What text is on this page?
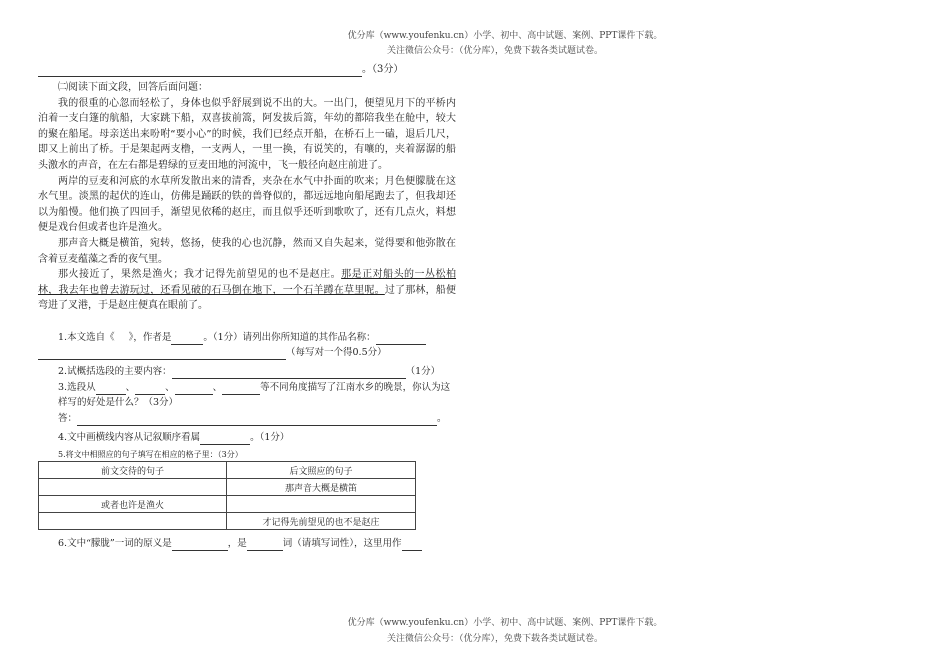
优分库（www.youfenku.cn）小学、初中、高中试题、案例、PPT课件下载。
关注微信公众号：（优分库），免费下载各类试题试卷。
。（3分）

㈡阅读下面文段，回答后面问题：

我的很重的心忽而轻松了，身体也似乎舒展到说不出的大。一出门，便望见月下的平桥内泊着一支白篷的航船，大家跳下船，双喜拔前篙，阿发拔后篙，年幼的都陪我坐在舱中，较大的聚在船尾。母亲送出来吩咐“要小心”的时候，我们已经点开船，在桥石上一磕，退后几尺，即又上前出了桥。于是架起两支橹，一支两人，一里一换，有说笑的，有嚷的，夹着潺潺的船头激水的声音，在左右都是碧绿的豆麦田地的河流中，飞一般径向赵庄前进了。

两岸的豆麦和河底的水草所发散出来的清香，夹杂在水气中扑面的吹来；月色便朦胧在这水气里。淡黑的起伏的连山，仿佛是踊跃的铁的兽脊似的，都远远地向船尾跑去了，但我却还以为船慢。他们换了四回手，渐望见依稀的赵庄，而且似乎还听到歌吹了，还有几点火，料想便是戏台但或者也许是渔火。

那声音大概是横笛，宛转，悠扬，使我的心也沉静，然而又自失起来，觉得要和他弥散在含着豆麦蕴藻之香的夜气里。

那火接近了，果然是渔火；我才记得先前望见的也不是赵庄。那是正对船头的一丛松柏林，我去年也曾去游玩过，还看见破的石马倒在地下，一个石羊蹲在草里呢。过了那林，船便弯进了叉港，于是赵庄便真在眼前了。

1.本文选自《 》，作者是	。（1分）请列出你所知道的其作品名称：
（每写对一个得0.5分）
2.试概括选段的主要内容：	（1分）
3.选段从	、	、	、	等不同角度描写了江南水乡的晚景，你认为这样写的好处是什么？（3分）
答：	。
4.文中画横线内容从记叙顺序看属	。（1分）
5.将文中相照应的句子填写在相应的格子里：（3分）
前文交待的句子	后文照应的句子
	那声音大概是横笛
或者也许是渔火	
	才记得先前望见的也不是赵庄
6.文中“朦胧”一词的原义是	，是	词（请填写词性），这里用作
优分库（www.youfenku.cn）小学、初中、高中试题、案例、PPT课件下载。
关注微信公众号：（优分库），免费下载各类试题试卷。
